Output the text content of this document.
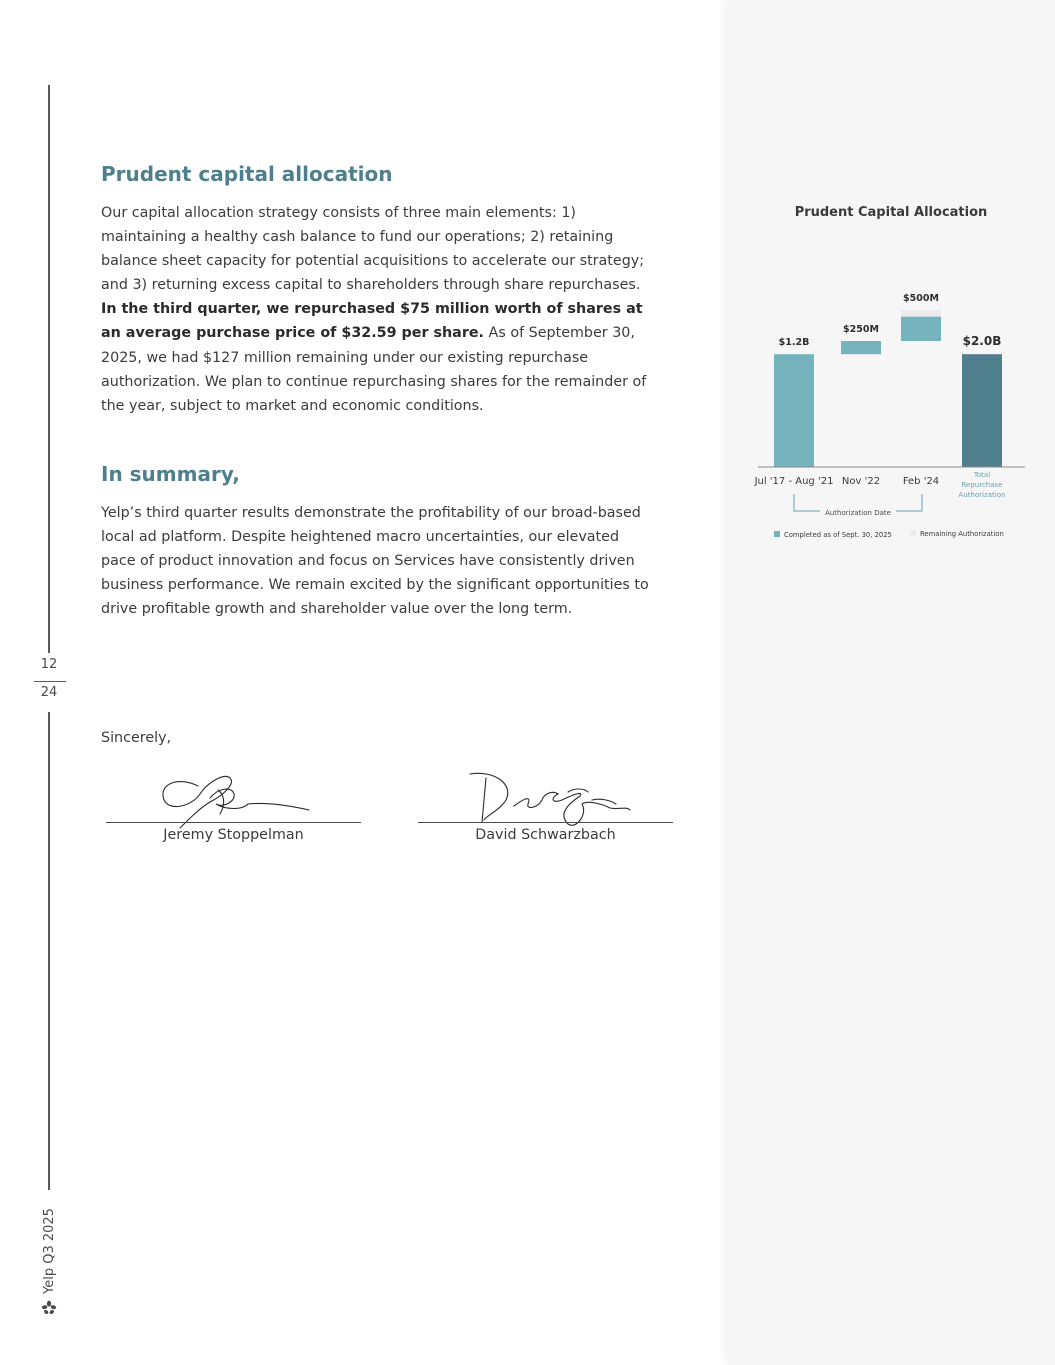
12
24
Yelp Q3 2025
Prudent capital allocation

Our capital allocation strategy consists of three main elements: 1) maintaining a healthy cash balance to fund our operations; 2) retaining balance sheet capacity for potential acquisitions to accelerate our strategy; and 3) returning excess capital to shareholders through share repurchases. In the third quarter, we repurchased $75 million worth of shares at an average purchase price of $32.59 per share. As of September 30, 2025, we had $127 million remaining under our existing repurchase authorization. We plan to continue repurchasing shares for the remainder of the year, subject to market and economic conditions.

In summary,

Yelp’s third quarter results demonstrate the profitability of our broad-based local ad platform. Despite heightened macro uncertainties, our elevated pace of product innovation and focus on Services have consistently driven business performance. We remain excited by the significant opportunities to drive profitable growth and shareholder value over the long term.

Sincerely,
Jeremy Stoppelman	David Schwarzbach
Prudent Capital Allocation
$1.2B
Jul '17 - Aug '21
$250M
Nov '22
$500M
Feb '24
$2.0B
Total
Repurchase
Authorization
Authorization Date
Completed as of Sept. 30, 2025	Remaining Authorization
